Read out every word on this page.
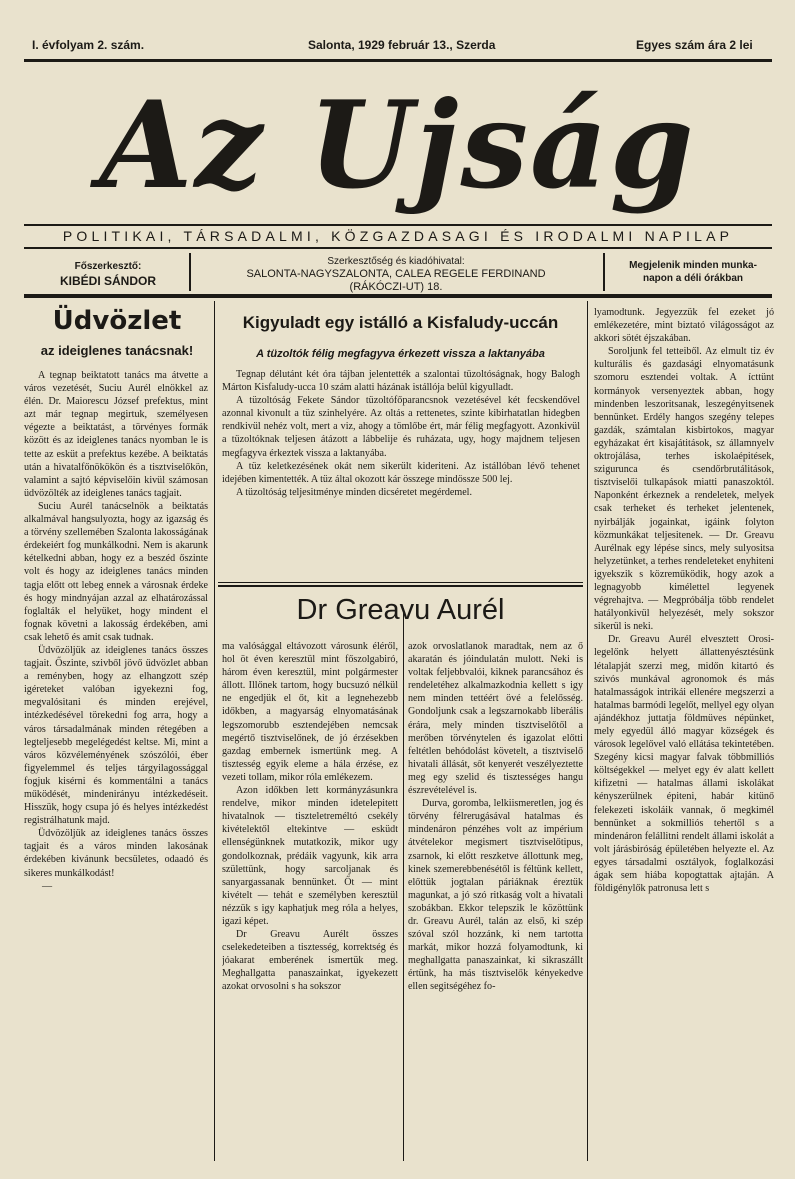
I. évfolyam 2. szám.	Salonta, 1929 február 13., Szerda	Egyes szám ára 2 lei
Az Ujság
POLITIKAI, TÁRSADALMI, KÖZGAZDASAGI ÉS IRODALMI NAPILAP
Főszerkesztő:
KIBÉDI SÁNDOR
Szerkesztőség és kiadóhivatal:
SALONTA-NAGYSZALONTA, CALEA REGELE FERDINAND
(RÁKÓCZI-UT) 18.
Megjelenik minden munka-
napon a déli órákban
Üdvözlet
az ideiglenes tanácsnak!

A tegnap beiktatott tanács ma átvette a város vezetését, Suciu Aurél elnökkel az élén. Dr. Maiorescu József prefektus, mint azt már tegnap megirtuk, személyesen végezte a beiktatást, a törvényes formák között és az ideiglenes tanács nyomban le is tette az esküt a prefektus kezébe. A beiktatás után a hivatalfőnökökön és a tisztviselőkön, valamint a sajtó képviselőin kivül számosan üdvözölték az ideiglenes tanács tagjait.

Suciu Aurél tanácselnök a beiktatás alkalmával hangsulyozta, hogy az igazság és a törvény szellemében Szalonta lakosságának érdekeiért fog munkálkodni. Nem is akarunk kételkedni abban, hogy ez a beszéd őszinte volt és hogy az ideiglenes tanács minden tagja előtt ott lebeg ennek a városnak érdeke és hogy mindnyájan azzal az elhatározással foglalták el helyüket, hogy mindent el fognak követni a lakosság érdekében, ami csak lehető és amit csak tudnak.

Üdvözöljük az ideiglenes tanács összes tagjait. Őszinte, szivből jövő üdvözlet abban a reményben, hogy az elhangzott szép igéreteket valóban igyekezni fog, megvalósitani és minden erejével, intézkedésével törekedni fog arra, hogy a város társadalmának minden rétegében a legteljesebb megelégedést keltse. Mi, mint a város közvéleményének szószólói, éber figyelemmel és teljes tárgyilagossággal fogjuk kisérni és kommentálni a tanács működését, mindenirányu intézkedéseit. Hisszük, hogy csupa jó és helyes intézkedést registrálhatunk majd.

Üdvözöljük az ideiglenes tanács összes tagjait és a város minden lakosának érdekében kivánunk becsületes, odaadó és sikeres munkálkodást!

—

Kigyuladt egy istálló a Kisfaludy-uccán
A tüzoltók félig megfagyva érkezett vissza a laktanyába

Tegnap délutánt két óra tájban jelentették a szalontai tüzoltóságnak, hogy Balogh Márton Kisfaludy-ucca 10 szám alatti házának istállója belül kigyulladt.

A tüzoltóság Fekete Sándor tüzoltófőparancsnok vezetésével két fecskendővel azonnal kivonult a tüz szinhelyére. Az oltás a rettenetes, szinte kibirhatatlan hidegben rendkivül nehéz volt, mert a viz, ahogy a tömlőbe ért, már félig megfagyott. Azonkivül a tüzoltóknak teljesen átázott a lábbelije és ruházata, ugy, hogy majdnem teljesen megfagyva érkeztek vissza a laktanyába.

A tüz keletkezésének okát nem sikerült kideriteni. Az istállóban lévő tehenet idejében kimentették. A tüz által okozott kár összege mindössze 500 lej.

A tüzoltóság teljesitménye minden dicséretet megérdemel.

Dr Greavu Aurél

ma valósággal eltávozott városunk éléről, hol öt éven keresztül mint főszolgabiró, három éven keresztül, mint polgármester állott. Illőnek tartom, hogy bucsuzó nélkül ne engedjük el őt, kit a legnehezebb időkben, a magyarság elnyomatásának legszomorubb esztendejében nemcsak megértő tisztviselőnek, de jó érzésekben gazdag embernek ismertünk meg. A tisztesség egyik eleme a hála érzése, ez vezeti tollam, mikor róla emlékezem.

Azon időkben lett kormányzásunkra rendelve, mikor minden idetelepitett hivatalnok — tiszteletreméltó csekély kivételektől eltekintve — esküdt ellenségünknek mutatkozik, mikor ugy gondolkoznak, prédáik vagyunk, kik arra születtünk, hogy sarcoljanak és sanyargassanak bennünket. Őt — mint kivételt — tehát e személyben keresztül nézzük s igy kaphatjuk meg róla a helyes, igazi képet.

Dr Greavu Aurélt összes cselekedeteiben a tisztesség, korrektség és jóakarat emberének ismertük meg. Meghallgatta panaszainkat, igyekezett azokat orvosolni s ha sokszor

azok orvoslatlanok maradtak, nem az ő akaratán és jóindulatán mulott. Neki is voltak feljebbvalói, kiknek parancsához és rendeletéhez alkalmazkodnia kellett s igy nem minden tettéért övé a felelősség. Gondoljunk csak a legszarnokabb liberális érára, mely minden tisztviselőtől a merőben törvénytelen és igazolat előtti feltétlen behódolást követelt, a tisztviselő hivatali állását, sőt kenyerét veszélyeztette meg egy szelid és tisztességes hangu észrevételével is.

Durva, goromba, lelkiismeretlen, jog és törvény félrerugásával hatalmas és mindenáron pénzéhes volt az impérium átvételekor megismert tisztviselőtipus, zsarnok, ki előtt reszketve állottunk meg, kinek szemerebbenésétől is féltünk kellett, előttük jogtalan páriáknak éreztük magunkat, a jó szó ritkaság volt a hivatali szobákban. Ekkor telepszik le közöttünk dr. Greavu Aurél, talán az első, ki szép szóval szól hozzánk, ki nem tartotta markát, mikor hozzá folyamodtunk, ki meghallgatta panaszainkat, ki sikraszállt értünk, ha más tisztviselők kényekedve ellen segitségéhez fo-

lyamodtunk. Jegyezzük fel ezeket jó emlékezetére, mint biztató világosságot az akkori sötét éjszakában.

Soroljunk fel tetteiből. Az elmult tiz év kulturális és gazdasági elnyomatásunk szomoru esztendei voltak. A ícttünt kormányok versenyeztek abban, hogy mindenben leszoritsanak, leszegényitsenek bennünket. Erdély hangos szegény telepes gazdák, számtalan kisbirtokos, magyar egyházakat ért kisajátitások, sz államnyelv oktrojálása, terhes iskolaépitések, szigurunca és csendőrbrutálitások, tisztviselői tulkapások miatti panaszoktól. Naponként érkeznek a rendeletek, melyek csak terheket és terheket jelentenek, nyirbálják jogainkat, igáink folyton közmunkákat teljesitenek. — Dr. Greavu Aurélnak egy lépése sincs, mely sulyositsa helyzetünket, a terhes rendeleteket enyhiteni igyekszik s közreműködik, hogy azok a legnagyobb kimélettel legyenek végrehajtva. — Megpróbálja több rendelet hatályonkivül helyezését, mely sokszor sikerül is neki.

Dr. Greavu Aurél elvesztett Orosi-legelőnk helyett állattenyésztésünk létalapját szerzi meg, midőn kitartó és szivós munkával agronomok és más hatalmasságok intrikái ellenére megszerzi a hatalmas barmódi legelőt, mellyel egy olyan ajándékhoz juttatja földmüves népünket, mely egyedül álló magyar községek és városok legelővel való ellátása tekintetében. Szegény kicsi magyar falvak többmilliós költségekkel — melyet egy év alatt kellett kifizetni — hatalmas állami iskolákat kényszerülnek épiteni, habár kitünő felekezeti iskoláik vannak, ő megkimél bennünket a sokmilliós tehertől s a mindenáron felállitni rendelt állami iskolát a volt járásbiróság épületében helyezte el. Az egyes társadalmi osztályok, foglalkozási ágak sem hiába kopogtattak ajtaján. A földigénylők patronusa lett s
